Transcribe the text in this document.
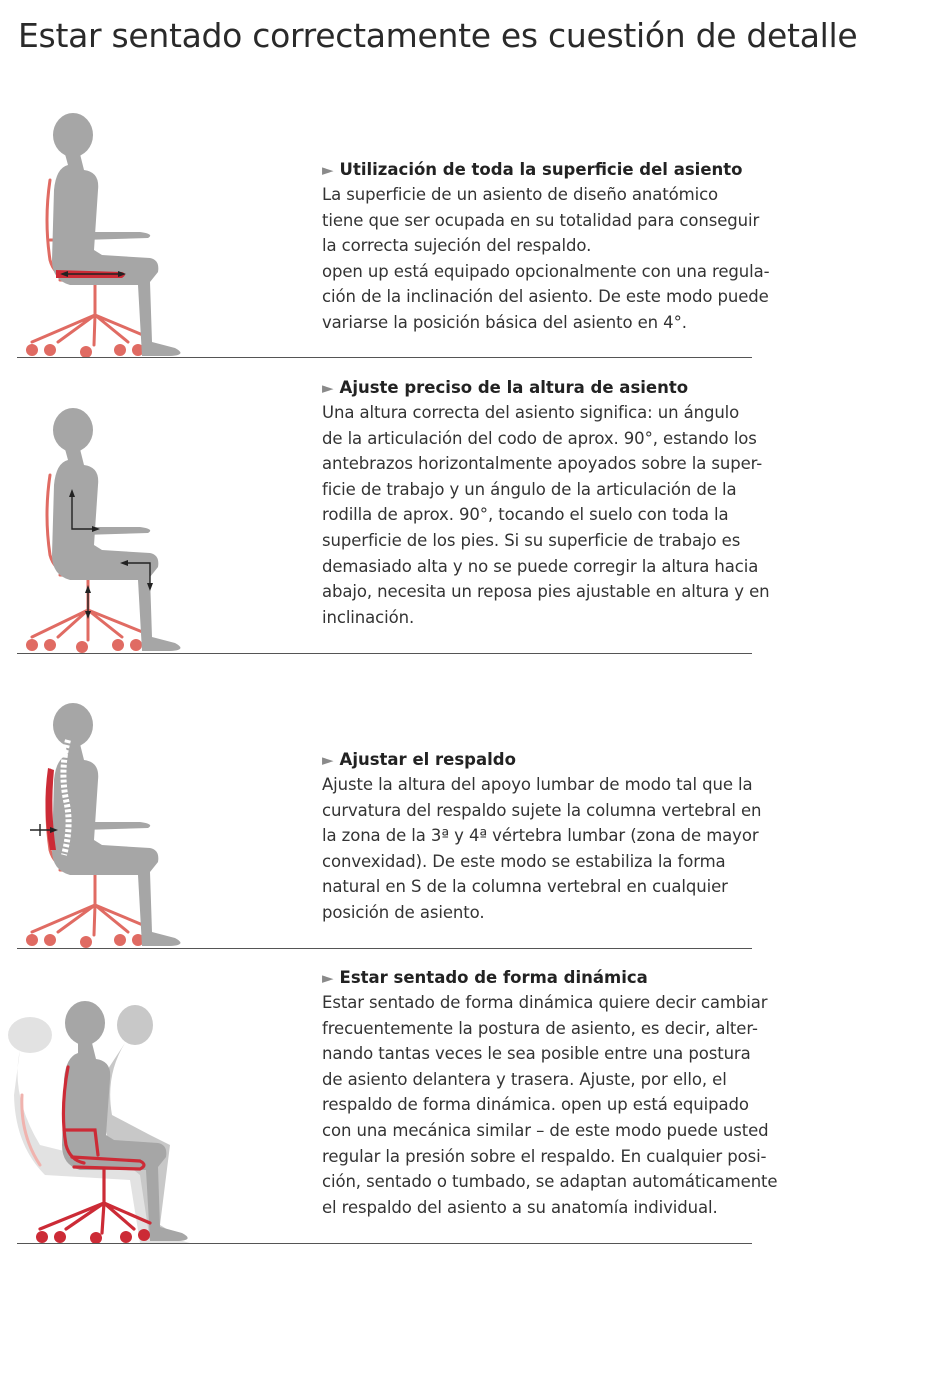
Estar sentado correctamente es cuestión de detalle
► Utilización de toda la superficie del asiento
La superficie de un asiento de diseño anatómico
tiene que ser ocupada en su totalidad para conseguir
la correcta sujeción del respaldo.
open up está equipado opcionalmente con una regula-
ción de la inclinación del asiento. De este modo puede
variarse la posición básica del asiento en 4°.
► Ajuste preciso de la altura de asiento
Una altura correcta del asiento significa: un ángulo
de la articulación del codo de aprox. 90°, estando los
antebrazos horizontalmente apoyados sobre la super-
ficie de trabajo y un ángulo de la articulación de la
rodilla de aprox. 90°, tocando el suelo con toda la
superficie de los pies. Si su superficie de trabajo es
demasiado alta y no se puede corregir la altura hacia
abajo, necesita un reposa pies ajustable en altura y en
inclinación.
► Ajustar el respaldo
Ajuste la altura del apoyo lumbar de modo tal que la
curvatura del respaldo sujete la columna vertebral en
la zona de la 3ª y 4ª vértebra lumbar (zona de mayor
convexidad). De este modo se estabiliza la forma
natural en S de la columna vertebral en cualquier
posición de asiento.
► Estar sentado de forma dinámica
Estar sentado de forma dinámica quiere decir cambiar
frecuentemente la postura de asiento, es decir, alter-
nando tantas veces le sea posible entre una postura
de asiento delantera y trasera. Ajuste, por ello, el
respaldo de forma dinámica. open up está equipado
con una mecánica similar – de este modo puede usted
regular la presión sobre el respaldo. En cualquier posi-
ción, sentado o tumbado, se adaptan automáticamente
el respaldo del asiento a su anatomía individual.
